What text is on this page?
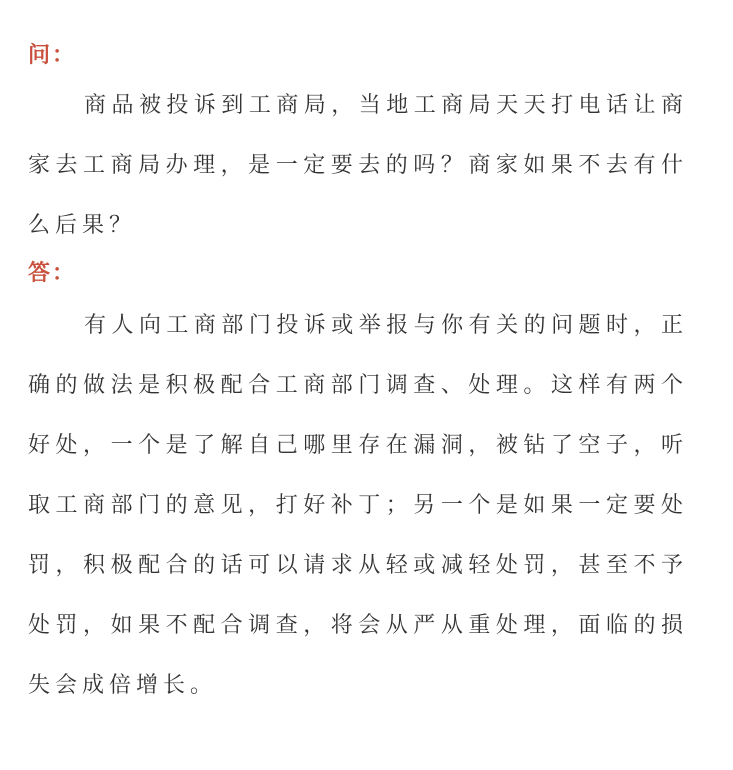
问：

商品被投诉到工商局，当地工商局天天打电话让商家去工商局办理，是一定要去的吗？商家如果不去有什么后果？

答：

有人向工商部门投诉或举报与你有关的问题时，正确的做法是积极配合工商部门调查、处理。这样有两个好处，一个是了解自己哪里存在漏洞，被钻了空子，听取工商部门的意见，打好补丁；另一个是如果一定要处罚，积极配合的话可以请求从轻或减轻处罚，甚至不予处罚，如果不配合调查，将会从严从重处理，面临的损失会成倍增长。
